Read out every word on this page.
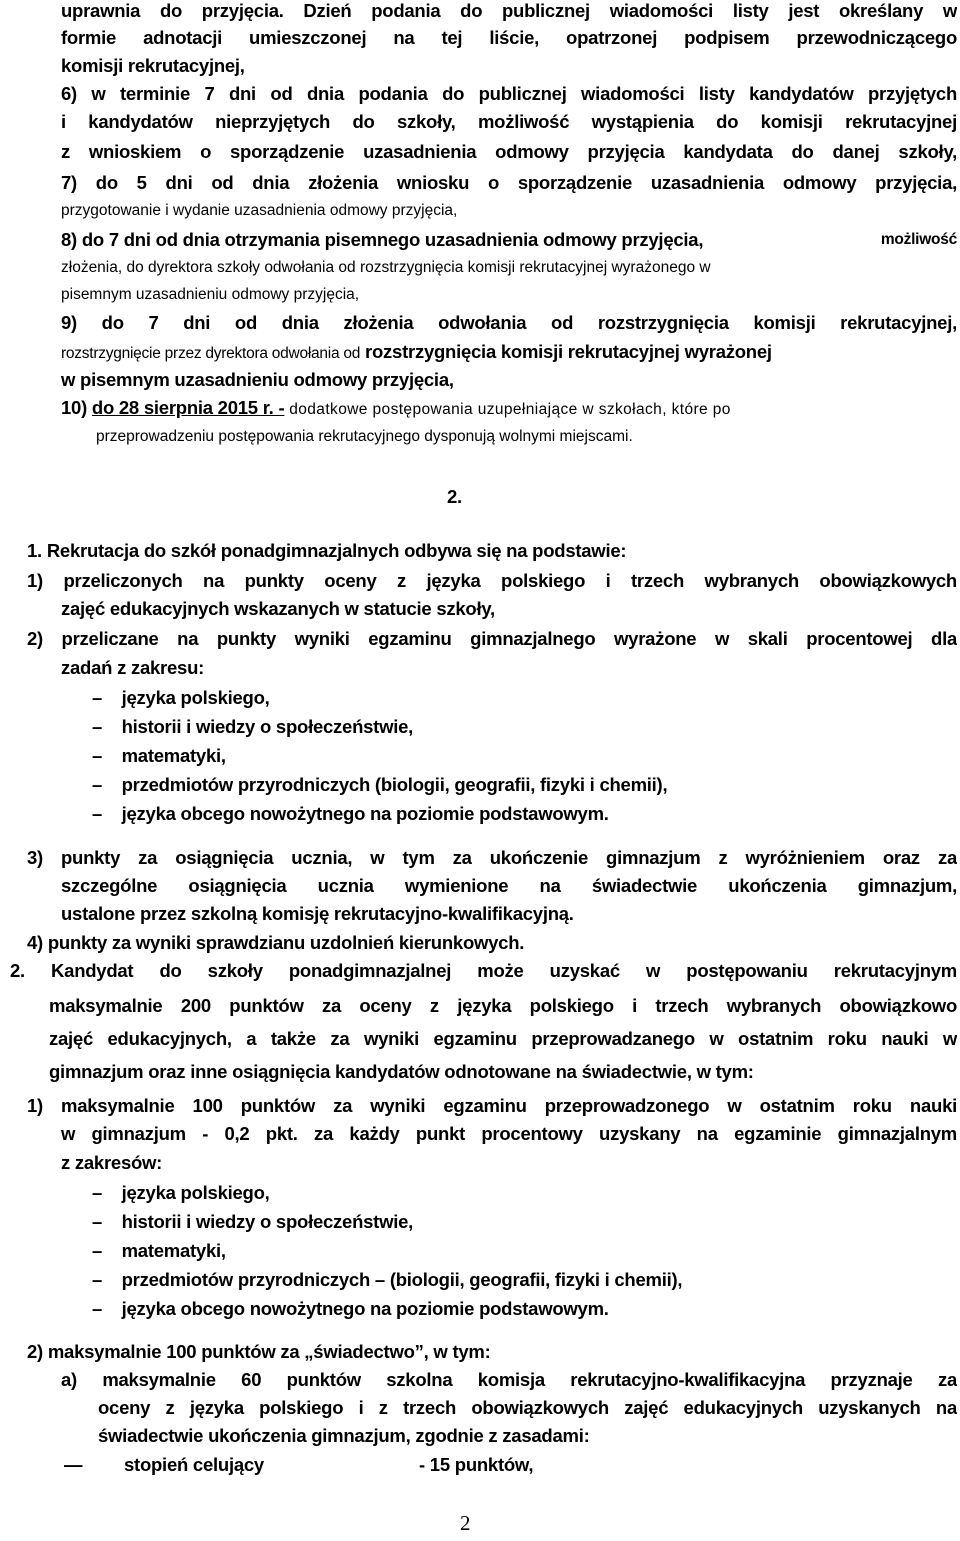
uprawnia do przyjęcia. Dzień podania do publicznej wiadomości listy jest określany w
formie adnotacji umieszczonej na tej liście, opatrzonej podpisem przewodniczącego
komisji rekrutacyjnej,
6) w terminie 7 dni od dnia podania do publicznej wiadomości listy kandydatów przyjętych
i kandydatów nieprzyjętych do szkoły, możliwość wystąpienia do komisji rekrutacyjnej
z wnioskiem o sporządzenie uzasadnienia odmowy przyjęcia kandydata do danej szkoły,
7) do 5 dni od dnia złożenia wniosku o sporządzenie uzasadnienia odmowy przyjęcia,
przygotowanie i wydanie uzasadnienia odmowy przyjęcia,
8) do 7 dni od dnia otrzymania pisemnego uzasadnienia odmowy przyjęcia,	możliwość
złożenia, do dyrektora szkoły odwołania od rozstrzygnięcia komisji rekrutacyjnej wyrażonego w
pisemnym uzasadnieniu odmowy przyjęcia,
9) do 7 dni od dnia złożenia odwołania od rozstrzygnięcia komisji rekrutacyjnej,
rozstrzygnięcie przez dyrektora odwołania od rozstrzygnięcia komisji rekrutacyjnej wyrażonej
w pisemnym uzasadnieniu odmowy przyjęcia,
10) do 28 sierpnia 2015 r. - dodatkowe postępowania uzupełniające w szkołach, które po
przeprowadzeniu postępowania rekrutacyjnego dysponują wolnymi miejscami.
2.
1. Rekrutacja do szkół ponadgimnazjalnych odbywa się na podstawie:
1) przeliczonych na punkty oceny z języka polskiego i trzech wybranych obowiązkowych
zajęć edukacyjnych wskazanych w statucie szkoły,
2) przeliczane na punkty wyniki egzaminu gimnazjalnego wyrażone w skali procentowej dla
zadań z zakresu:
–    języka polskiego,
–    historii i wiedzy o społeczeństwie,
–    matematyki,
–    przedmiotów przyrodniczych (biologii, geografii, fizyki i chemii),
–    języka obcego nowożytnego na poziomie podstawowym.
3) punkty za osiągnięcia ucznia, w tym za ukończenie gimnazjum z wyróżnieniem oraz za
szczególne osiągnięcia ucznia wymienione na świadectwie ukończenia gimnazjum,
ustalone przez szkolną komisję rekrutacyjno-kwalifikacyjną.
4) punkty za wyniki sprawdzianu uzdolnień kierunkowych.
2. Kandydat do szkoły ponadgimnazjalnej może uzyskać w postępowaniu rekrutacyjnym
maksymalnie 200 punktów za oceny z języka polskiego i trzech wybranych obowiązkowo
zajęć edukacyjnych, a także za wyniki egzaminu przeprowadzanego w ostatnim roku nauki w
gimnazjum oraz inne osiągnięcia kandydatów odnotowane na świadectwie, w tym:
1) maksymalnie 100 punktów za wyniki egzaminu przeprowadzonego w ostatnim roku nauki
w gimnazjum - 0,2 pkt. za każdy punkt procentowy uzyskany na egzaminie gimnazjalnym
z zakresów:
–    języka polskiego,
–    historii i wiedzy o społeczeństwie,
–    matematyki,
–    przedmiotów przyrodniczych – (biologii, geografii, fizyki i chemii),
–    języka obcego nowożytnego na poziomie podstawowym.
2) maksymalnie 100 punktów za „świadectwo”, w tym:
a) maksymalnie 60 punktów szkolna komisja rekrutacyjno-kwalifikacyjna przyznaje za
oceny z języka polskiego i z trzech obowiązkowych zajęć edukacyjnych uzyskanych na
świadectwie ukończenia gimnazjum, zgodnie z zasadami:
—	stopień celujący	- 15 punktów,
2
